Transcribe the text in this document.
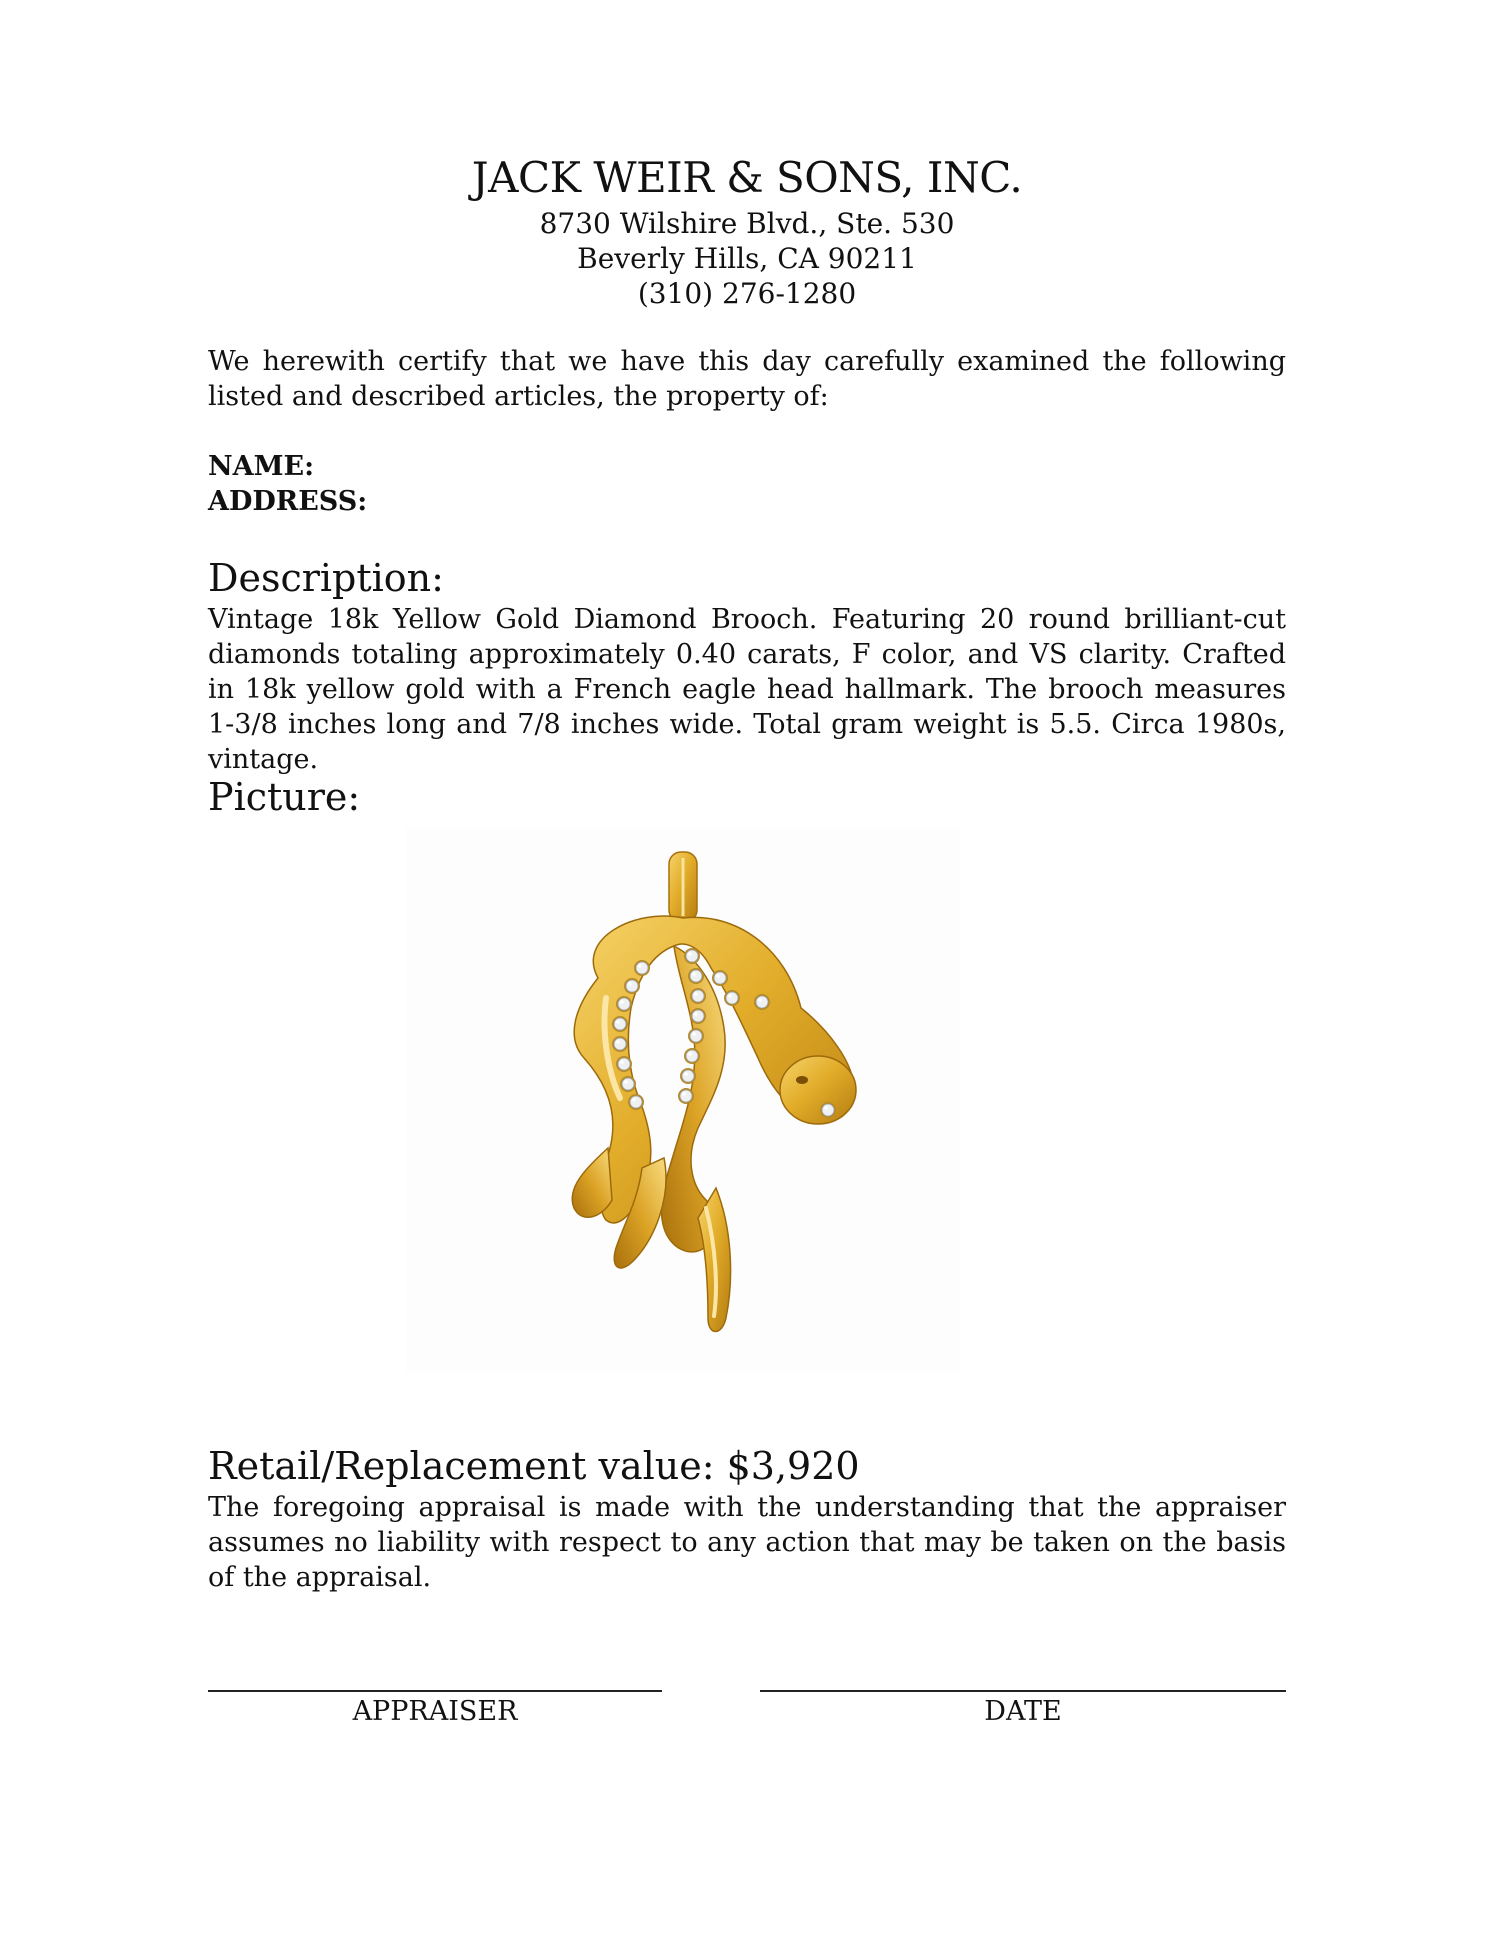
JACK WEIR & SONS, INC.
8730 Wilshire Blvd., Ste. 530
Beverly Hills, CA 90211
(310) 276-1280
We herewith certify that we have this day carefully examined the following listed and described articles, the property of:
NAME:
ADDRESS:
Description:
Vintage 18k Yellow Gold Diamond Brooch. Featuring 20 round brilliant-cut diamonds totaling approximately 0.40 carats, F color, and VS clarity. Crafted in 18k yellow gold with a French eagle head hallmark. The brooch measures 1-3/8 inches long and 7/8 inches wide. Total gram weight is 5.5. Circa 1980s, vintage.
Picture:
Retail/Replacement value: $3,920
The foregoing appraisal is made with the understanding that the appraiser assumes no liability with respect to any action that may be taken on the basis of the appraisal.
APPRAISER	DATE
